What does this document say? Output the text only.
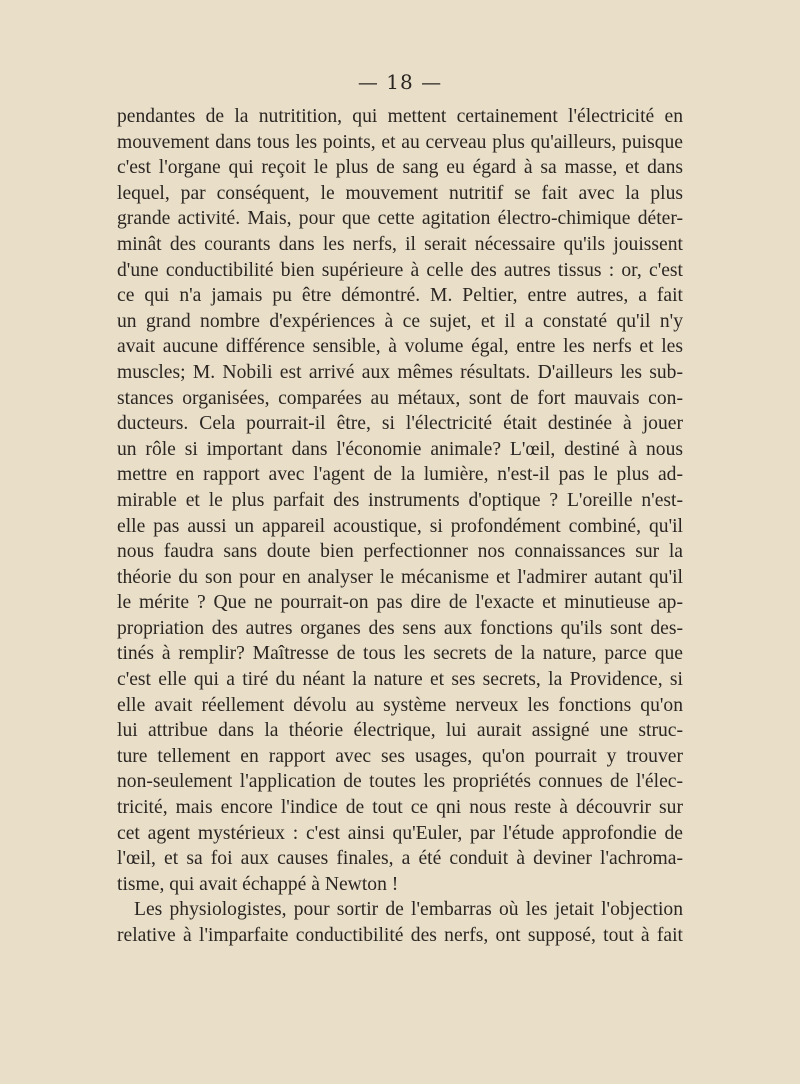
— 18 —
pendantes de la nutritition, qui mettent certainement l'électricité en
mouvement dans tous les points, et au cerveau plus qu'ailleurs, puisque
c'est l'organe qui reçoit le plus de sang eu égard à sa masse, et dans
lequel, par conséquent, le mouvement nutritif se fait avec la plus
grande activité. Mais, pour que cette agitation électro-chimique déter-
minât des courants dans les nerfs, il serait nécessaire qu'ils jouissent
d'une conductibilité bien supérieure à celle des autres tissus : or, c'est
ce qui n'a jamais pu être démontré. M. Peltier, entre autres, a fait
un grand nombre d'expériences à ce sujet, et il a constaté qu'il n'y
avait aucune différence sensible, à volume égal, entre les nerfs et les
muscles; M. Nobili est arrivé aux mêmes résultats. D'ailleurs les sub-
stances organisées, comparées au métaux, sont de fort mauvais con-
ducteurs. Cela pourrait-il être, si l'électricité était destinée à jouer
un rôle si important dans l'économie animale? L'œil, destiné à nous
mettre en rapport avec l'agent de la lumière, n'est-il pas le plus ad-
mirable et le plus parfait des instruments d'optique ? L'oreille n'est-
elle pas aussi un appareil acoustique, si profondément combiné, qu'il
nous faudra sans doute bien perfectionner nos connaissances sur la
théorie du son pour en analyser le mécanisme et l'admirer autant qu'il
le mérite ? Que ne pourrait-on pas dire de l'exacte et minutieuse ap-
propriation des autres organes des sens aux fonctions qu'ils sont des-
tinés à remplir? Maîtresse de tous les secrets de la nature, parce que
c'est elle qui a tiré du néant la nature et ses secrets, la Providence, si
elle avait réellement dévolu au système nerveux les fonctions qu'on
lui attribue dans la théorie électrique, lui aurait assigné une struc-
ture tellement en rapport avec ses usages, qu'on pourrait y trouver
non-seulement l'application de toutes les propriétés connues de l'élec-
tricité, mais encore l'indice de tout ce qni nous reste à découvrir sur
cet agent mystérieux : c'est ainsi qu'Euler, par l'étude approfondie de
l'œil, et sa foi aux causes finales, a été conduit à deviner l'achroma-
tisme, qui avait échappé à Newton !
Les physiologistes, pour sortir de l'embarras où les jetait l'objection
relative à l'imparfaite conductibilité des nerfs, ont supposé, tout à fait
